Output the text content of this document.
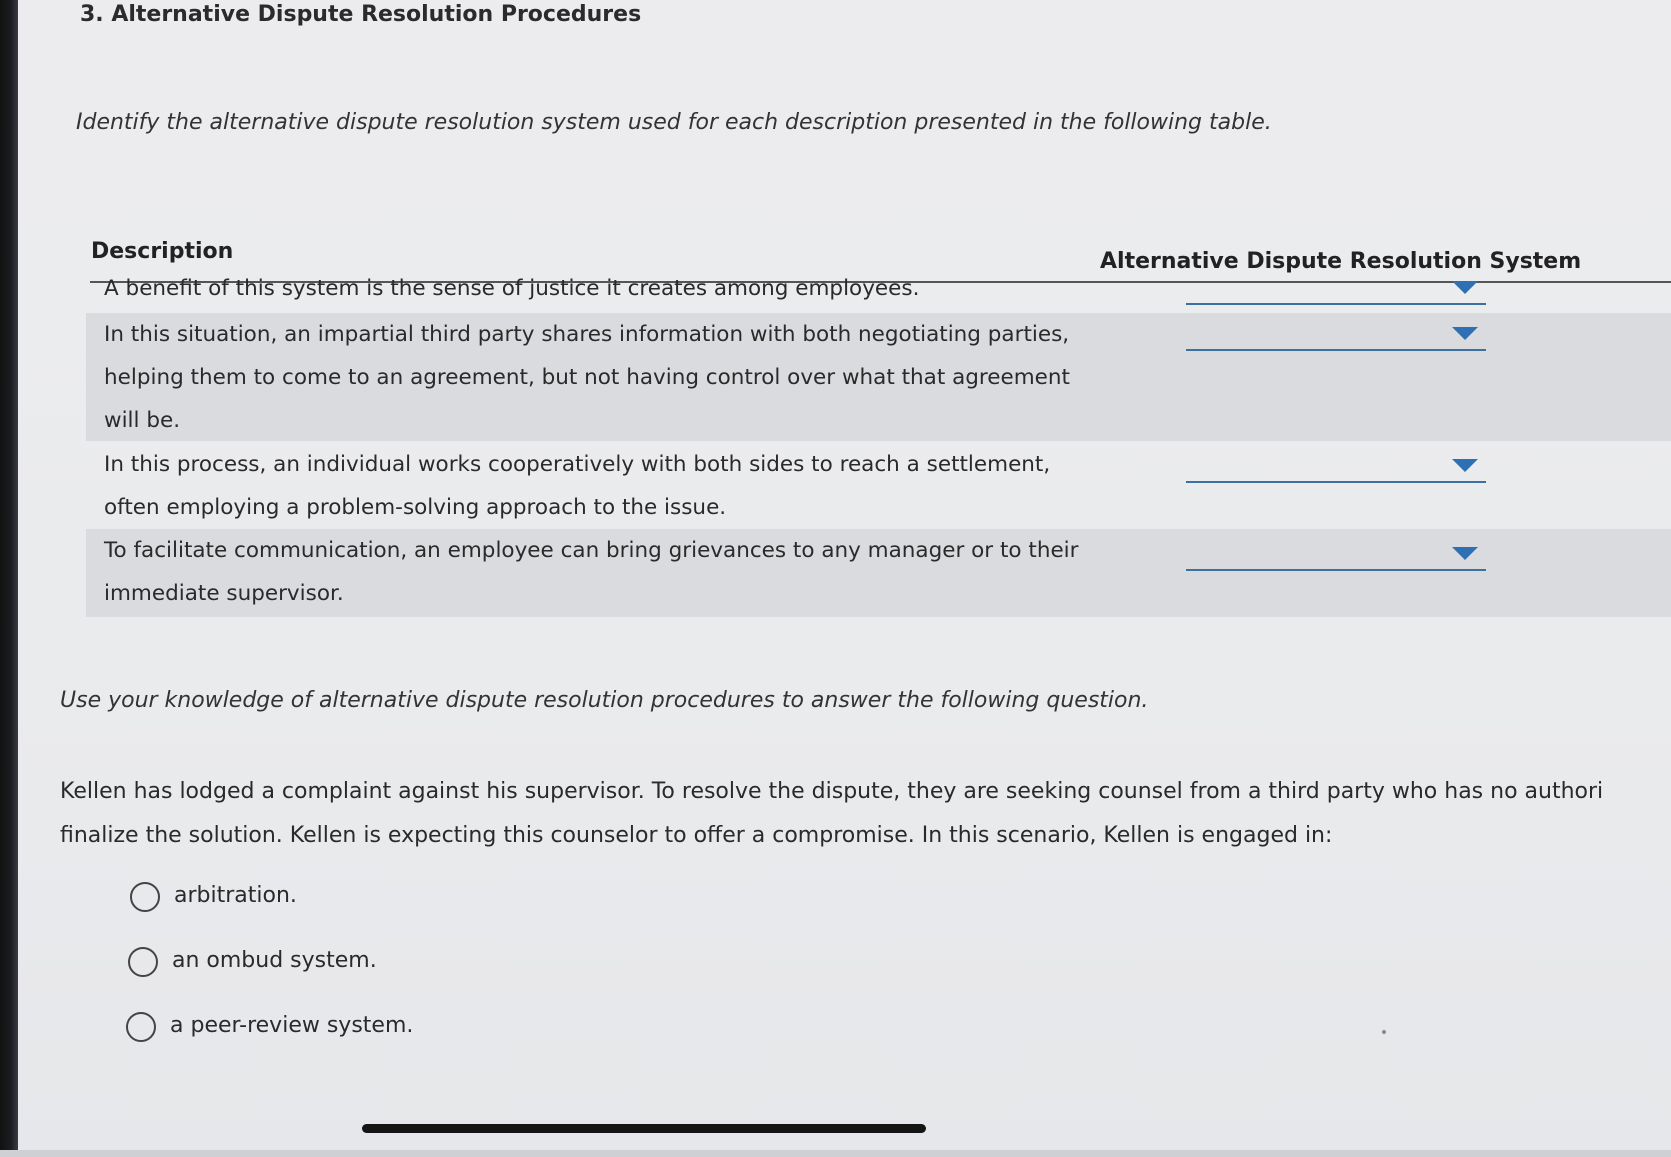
3. Alternative Dispute Resolution Procedures
Identify the alternative dispute resolution system used for each description presented in the following table.
Description	Alternative Dispute Resolution System
A benefit of this system is the sense of justice it creates among employees.
In this situation, an impartial third party shares information with both negotiating parties, helping them to come to an agreement, but not having control over what that agreement will be.
In this process, an individual works cooperatively with both sides to reach a settlement, often employing a problem-solving approach to the issue.
To facilitate communication, an employee can bring grievances to any manager or to their immediate supervisor.
Use your knowledge of alternative dispute resolution procedures to answer the following question.
Kellen has lodged a complaint against his supervisor. To resolve the dispute, they are seeking counsel from a third party who has no authori
finalize the solution. Kellen is expecting this counselor to offer a compromise. In this scenario, Kellen is engaged in:
arbitration.
an ombud system.
a peer-review system.
